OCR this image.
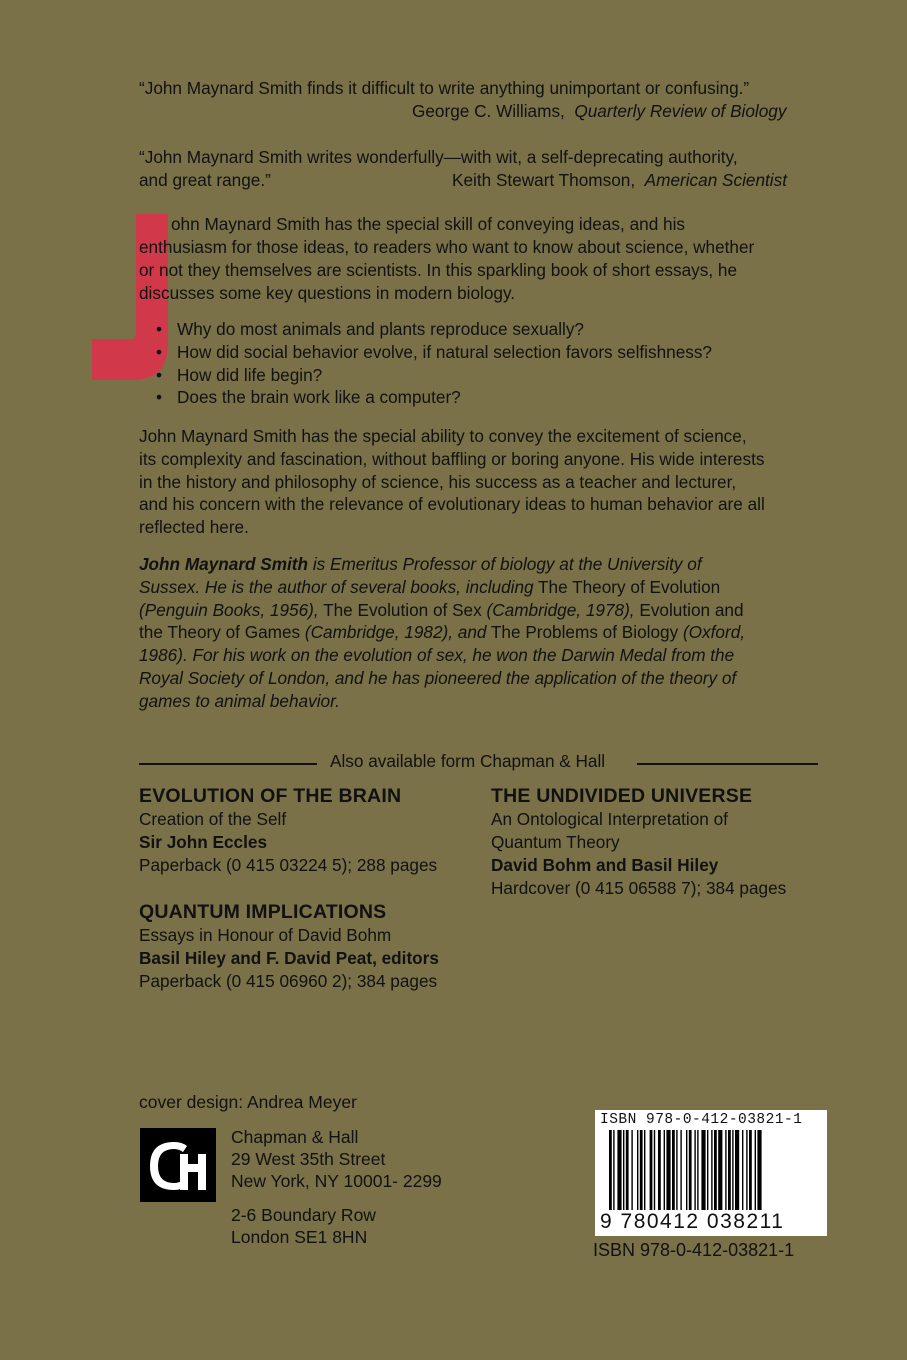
“John Maynard Smith finds it difficult to write anything unimportant or confusing.”
George C. Williams, Quarterly Review of Biology
“John Maynard Smith writes wonderfully—with wit, a self-deprecating authority,
and great range.”	Keith Stewart Thomson, American Scientist
ohn Maynard Smith has the special skill of conveying ideas, and his
enthusiasm for those ideas, to readers who want to know about science, whether
or not they themselves are scientists. In this sparkling book of short essays, he
discusses some key questions in modern biology.
• Why do most animals and plants reproduce sexually?
• How did social behavior evolve, if natural selection favors selfishness?
• How did life begin?
• Does the brain work like a computer?
John Maynard Smith has the special ability to convey the excitement of science,
its complexity and fascination, without baffling or boring anyone. His wide interests
in the history and philosophy of science, his success as a teacher and lecturer,
and his concern with the relevance of evolutionary ideas to human behavior are all
reflected here.
John Maynard Smith is Emeritus Professor of biology at the University of
Sussex. He is the author of several books, including The Theory of Evolution
(Penguin Books, 1956), The Evolution of Sex (Cambridge, 1978), Evolution and
the Theory of Games (Cambridge, 1982), and The Problems of Biology (Oxford,
1986). For his work on the evolution of sex, he won the Darwin Medal from the
Royal Society of London, and he has pioneered the application of the theory of
games to animal behavior.
Also available form Chapman & Hall
EVOLUTION OF THE BRAIN
Creation of the Self
Sir John Eccles
Paperback (0 415 03224 5); 288 pages
THE UNDIVIDED UNIVERSE
An Ontological Interpretation of
Quantum Theory
David Bohm and Basil Hiley
Hardcover (0 415 06588 7); 384 pages
QUANTUM IMPLICATIONS
Essays in Honour of David Bohm
Basil Hiley and F. David Peat, editors
Paperback (0 415 06960 2); 384 pages
cover design: Andrea Meyer
Chapman & Hall
29 West 35th Street
New York, NY 10001- 2299
2-6 Boundary Row
London SE1 8HN
ISBN 978-0-412-03821-1
9 780412 038211
ISBN 978-0-412-03821-1
